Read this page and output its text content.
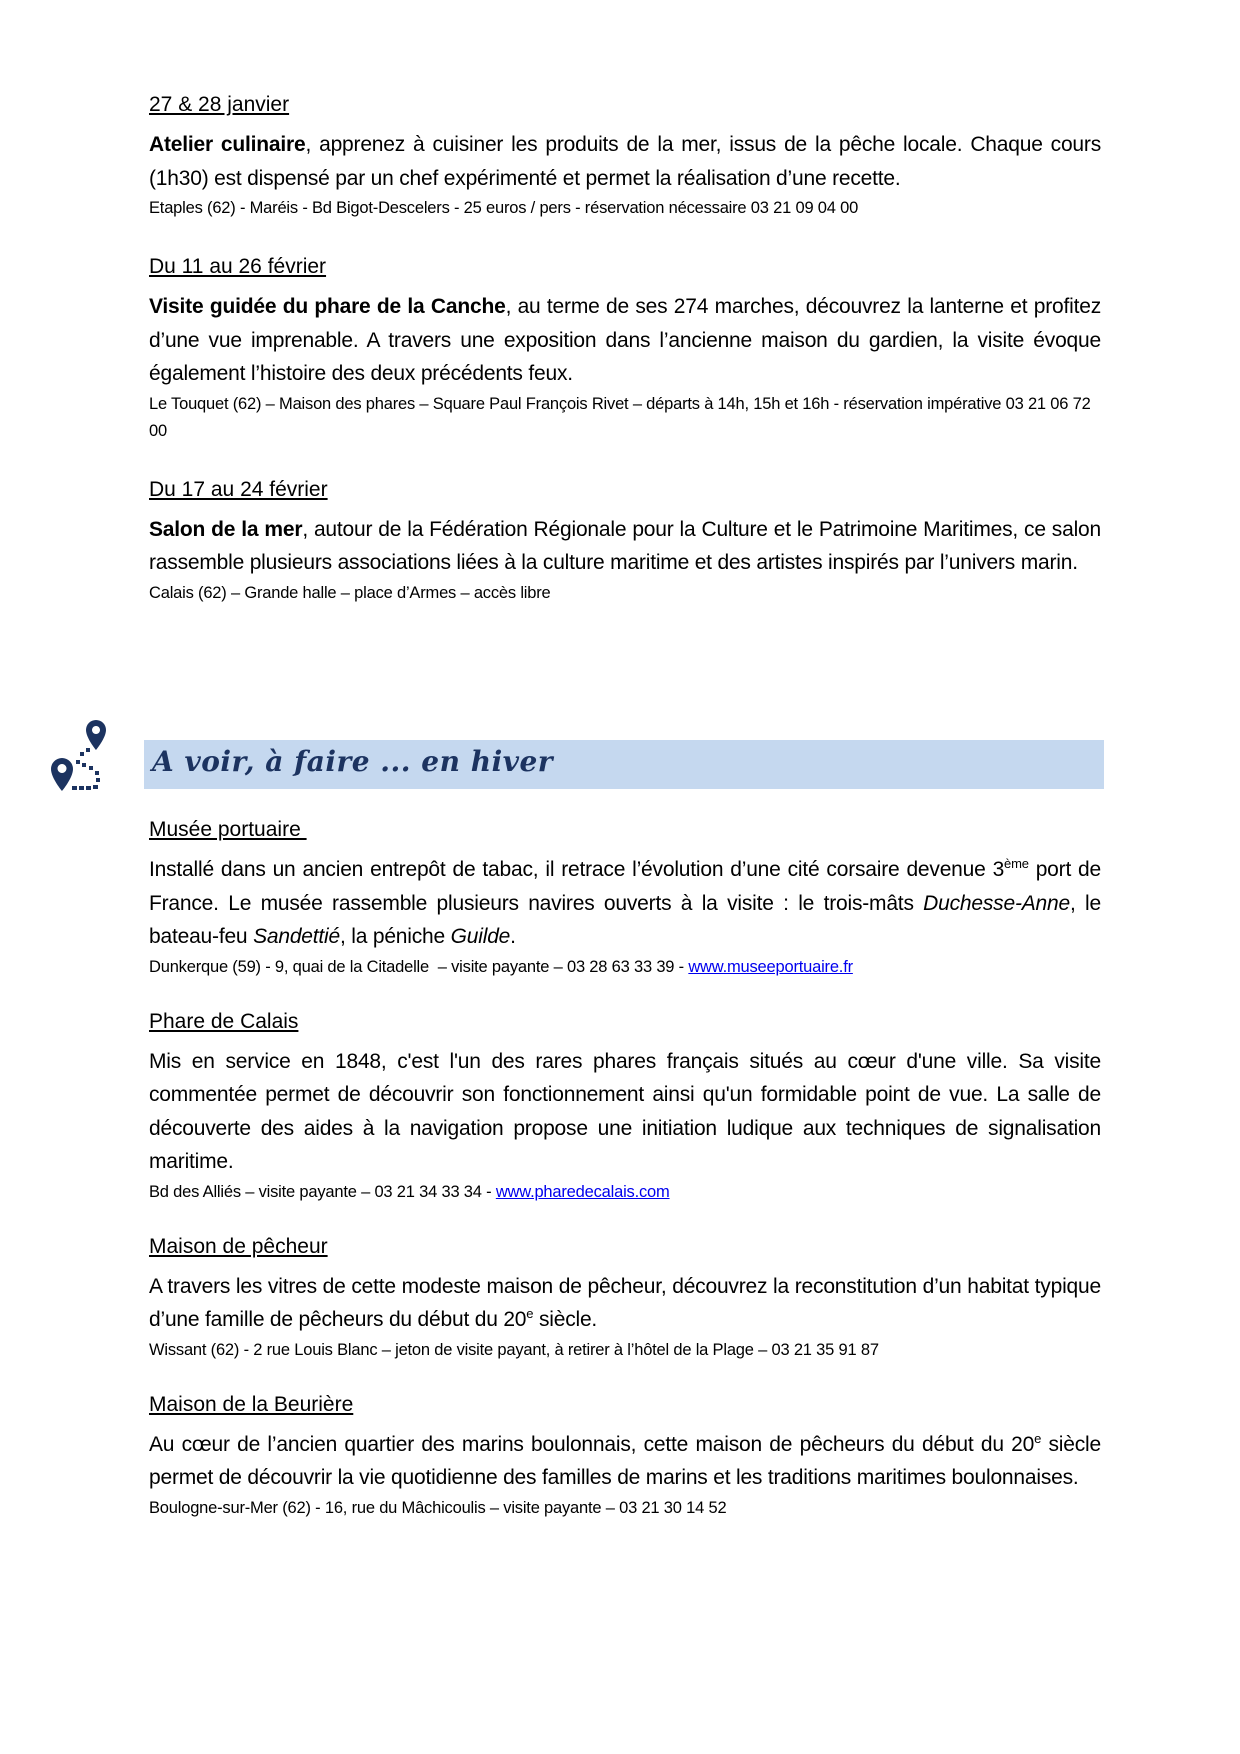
27 & 28 janvier

Atelier culinaire, apprenez à cuisiner les produits de la mer, issus de la pêche locale. Chaque cours (1h30) est dispensé par un chef expérimenté et permet la réalisation d’une recette.

Etaples (62) - Maréis - Bd Bigot-Descelers - 25 euros / pers - réservation nécessaire 03 21 09 04 00

Du 11 au 26 février

Visite guidée du phare de la Canche, au terme de ses 274 marches, découvrez la lanterne et profitez d’une vue imprenable. A travers une exposition dans l’ancienne maison du gardien, la visite évoque également l’histoire des deux précédents feux.

Le Touquet (62) – Maison des phares – Square Paul François Rivet – départs à 14h, 15h et 16h - réservation impérative 03 21 06 72 00

Du 17 au 24 février

Salon de la mer, autour de la Fédération Régionale pour la Culture et le Patrimoine Maritimes, ce salon rassemble plusieurs associations liées à la culture maritime et des artistes inspirés par l’univers marin.

Calais (62) – Grande halle – place d’Armes – accès libre

A voir, à faire ... en hiver

Musée portuaire

Installé dans un ancien entrepôt de tabac, il retrace l’évolution d’une cité corsaire devenue 3ème port de France. Le musée rassemble plusieurs navires ouverts à la visite : le trois-mâts Duchesse-Anne, le bateau-feu Sandettié, la péniche Guilde.

Dunkerque (59) - 9, quai de la Citadelle  – visite payante – 03 28 63 33 39 - www.museeportuaire.fr

Phare de Calais

Mis en service en 1848, c'est l'un des rares phares français situés au cœur d'une ville. Sa visite commentée permet de découvrir son fonctionnement ainsi qu'un formidable point de vue. La salle de découverte des aides à la navigation propose une initiation ludique aux techniques de signalisation maritime.

Bd des Alliés – visite payante – 03 21 34 33 34 - www.pharedecalais.com

Maison de pêcheur

A travers les vitres de cette modeste maison de pêcheur, découvrez la reconstitution d’un habitat typique d’une famille de pêcheurs du début du 20e siècle.

Wissant (62) - 2 rue Louis Blanc – jeton de visite payant, à retirer à l’hôtel de la Plage – 03 21 35 91 87

Maison de la Beurière

Au cœur de l’ancien quartier des marins boulonnais, cette maison de pêcheurs du début du 20e siècle permet de découvrir la vie quotidienne des familles de marins et les traditions maritimes boulonnaises.

Boulogne-sur-Mer (62) - 16, rue du Mâchicoulis – visite payante – 03 21 30 14 52
